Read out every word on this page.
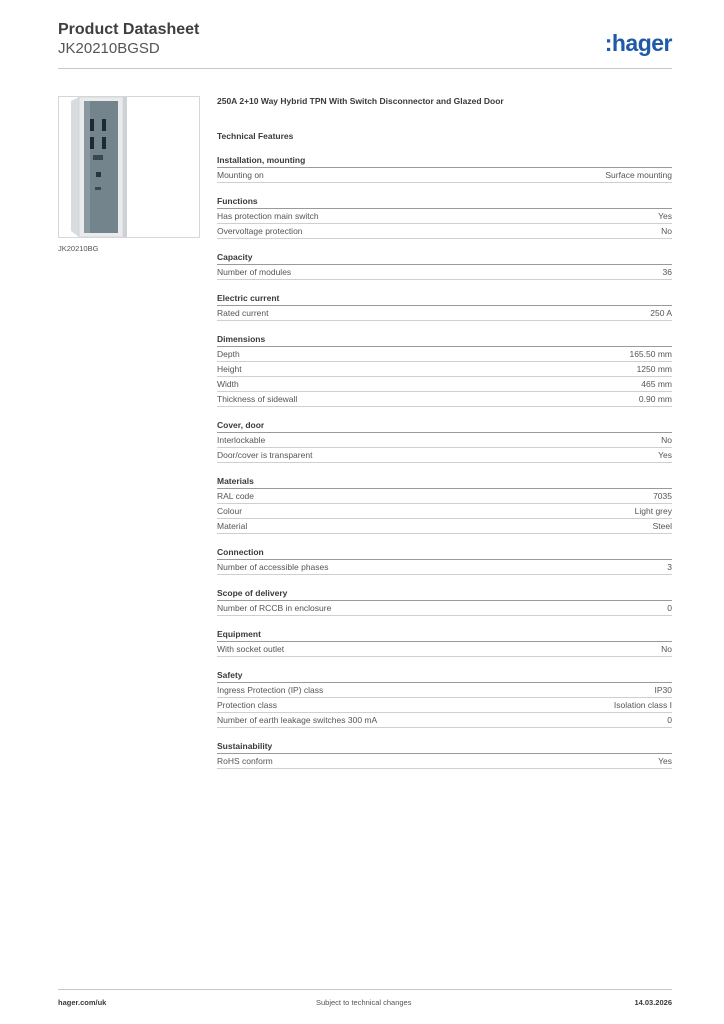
Product Datasheet
JK20210BGSD	:hager
JK20210BG
250A 2+10 Way Hybrid TPN With Switch Disconnector and Glazed Door
Technical Features
Installation, mounting
Mounting on	Surface mounting
Functions
Has protection main switch	Yes
Overvoltage protection	No
Capacity
Number of modules	36
Electric current
Rated current	250 A
Dimensions
Depth	165.50 mm
Height	1250 mm
Width	465 mm
Thickness of sidewall	0.90 mm
Cover, door
Interlockable	No
Door/cover is transparent	Yes
Materials
RAL code	7035
Colour	Light grey
Material	Steel
Connection
Number of accessible phases	3
Scope of delivery
Number of RCCB in enclosure	0
Equipment
With socket outlet	No
Safety
Ingress Protection (IP) class	IP30
Protection class	Isolation class I
Number of earth leakage switches 300 mA	0
Sustainability
RoHS conform	Yes
hager.com/uk	Subject to technical changes	14.03.2026
